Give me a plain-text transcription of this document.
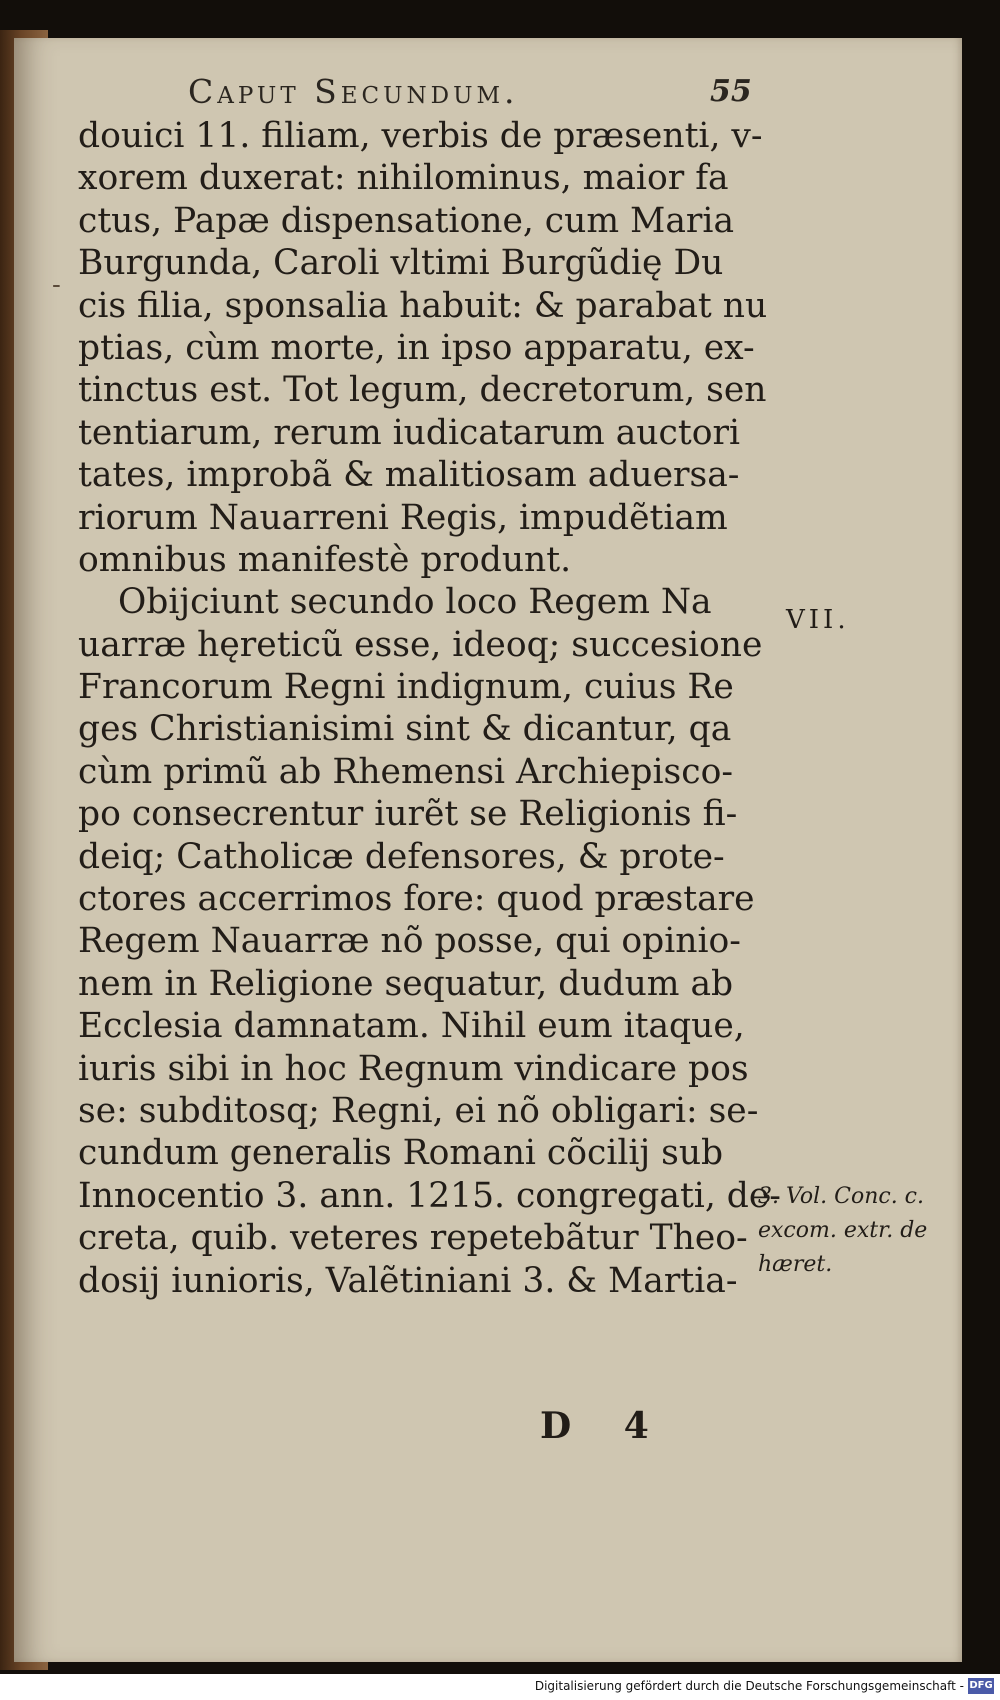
Caput Secundum.	55
-
douici 11. filiam, verbis de præsenti, v-
xorem duxerat: nihilominus, maior fa
ctus, Papæ dispensatione, cum Maria
Burgunda, Caroli vltimi Burgũdię Du
cis filia, sponsalia habuit: & parabat nu
ptias, cùm morte, in ipso apparatu, ex-
tinctus est. Tot legum, decretorum, sen
tentiarum, rerum iudicatarum auctori
tates, improbã & malitiosam aduersa-
riorum Nauarreni Regis, impudẽtiam
omnibus manifestè produnt.
Obijciunt secundo loco Regem Na
uarræ hęreticũ esse, ideoq; succesione
Francorum Regni indignum, cuius Re
ges Christianisimi sint & dicantur, qa
cùm primũ ab Rhemensi Archiepisco-
po consecrentur iurẽt se Religionis fi-
deiq; Catholicæ defensores, & prote-
ctores accerrimos fore: quod præstare
Regem Nauarræ nõ posse, qui opinio-
nem in Religione sequatur, dudum ab
Ecclesia damnatam. Nihil eum itaque,
iuris sibi in hoc Regnum vindicare pos
se: subditosq; Regni, ei nõ obligari: se-
cundum generalis Romani cõcilij sub
Innocentio 3. ann. 1215. congregati, de-
creta, quib. veteres repetebãtur Theo-
dosij iunioris, Valẽtiniani 3. & Martia-
D 4
VII.
3. Vol. Conc. c.
excom. extr. de
hæret.
Digitalisierung gefördert durch die Deutsche Forschungsgemeinschaft - DFG
